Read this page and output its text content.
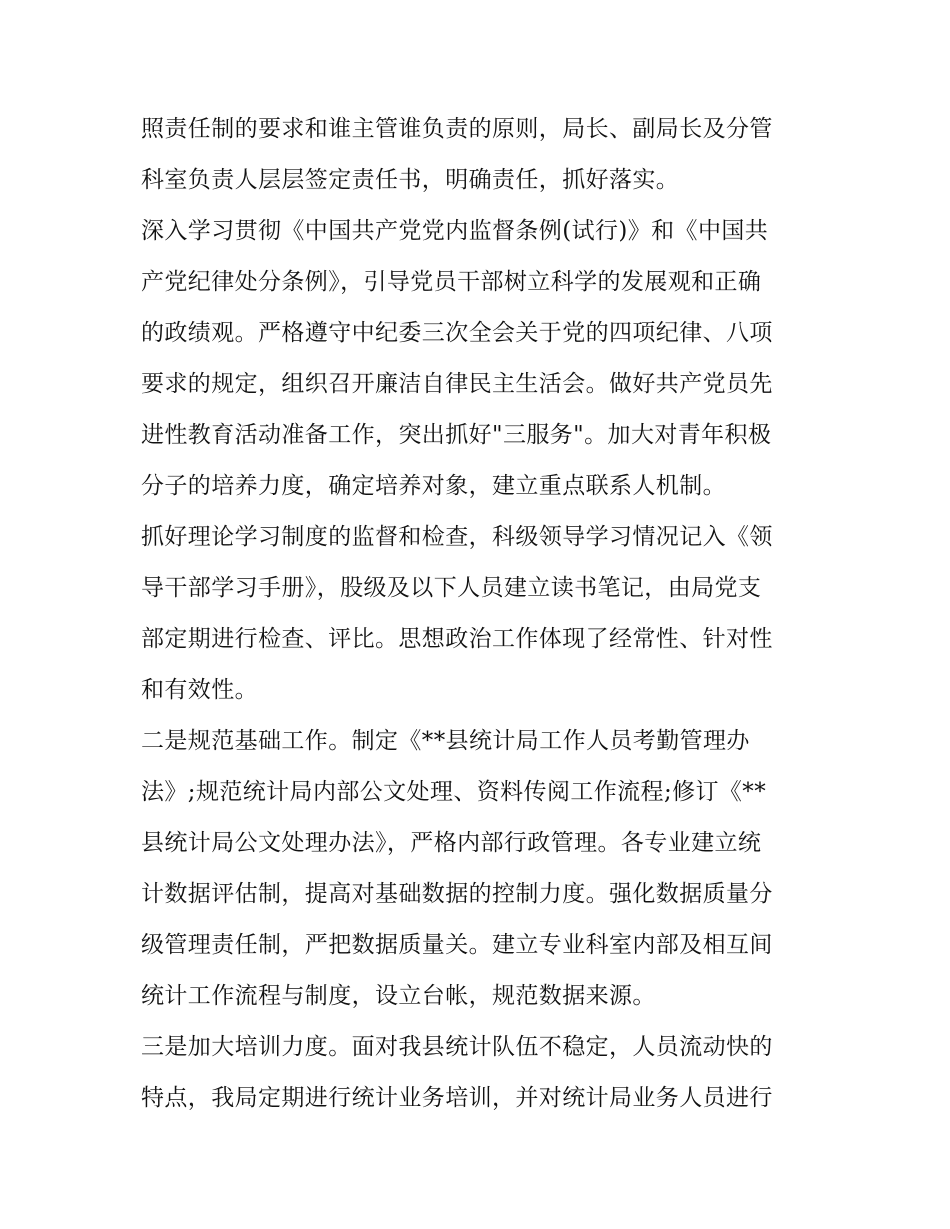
照责任制的要求和谁主管谁负责的原则，局长、副局长及分管
科室负责人层层签定责任书，明确责任，抓好落实。
深入学习贯彻《中国共产党党内监督条例(试行)》和《中国共
产党纪律处分条例》，引导党员干部树立科学的发展观和正确
的政绩观。严格遵守中纪委三次全会关于党的四项纪律、八项
要求的规定，组织召开廉洁自律民主生活会。做好共产党员先
进性教育活动准备工作，突出抓好"三服务"。加大对青年积极
分子的培养力度，确定培养对象，建立重点联系人机制。
抓好理论学习制度的监督和检查，科级领导学习情况记入《领
导干部学习手册》，股级及以下人员建立读书笔记，由局党支
部定期进行检查、评比。思想政治工作体现了经常性、针对性
和有效性。
二是规范基础工作。制定《**县统计局工作人员考勤管理办
法》;规范统计局内部公文处理、资料传阅工作流程;修订《**
县统计局公文处理办法》，严格内部行政管理。各专业建立统
计数据评估制，提高对基础数据的控制力度。强化数据质量分
级管理责任制，严把数据质量关。建立专业科室内部及相互间
统计工作流程与制度，设立台帐，规范数据来源。
三是加大培训力度。面对我县统计队伍不稳定，人员流动快的
特点，我局定期进行统计业务培训，并对统计局业务人员进行
